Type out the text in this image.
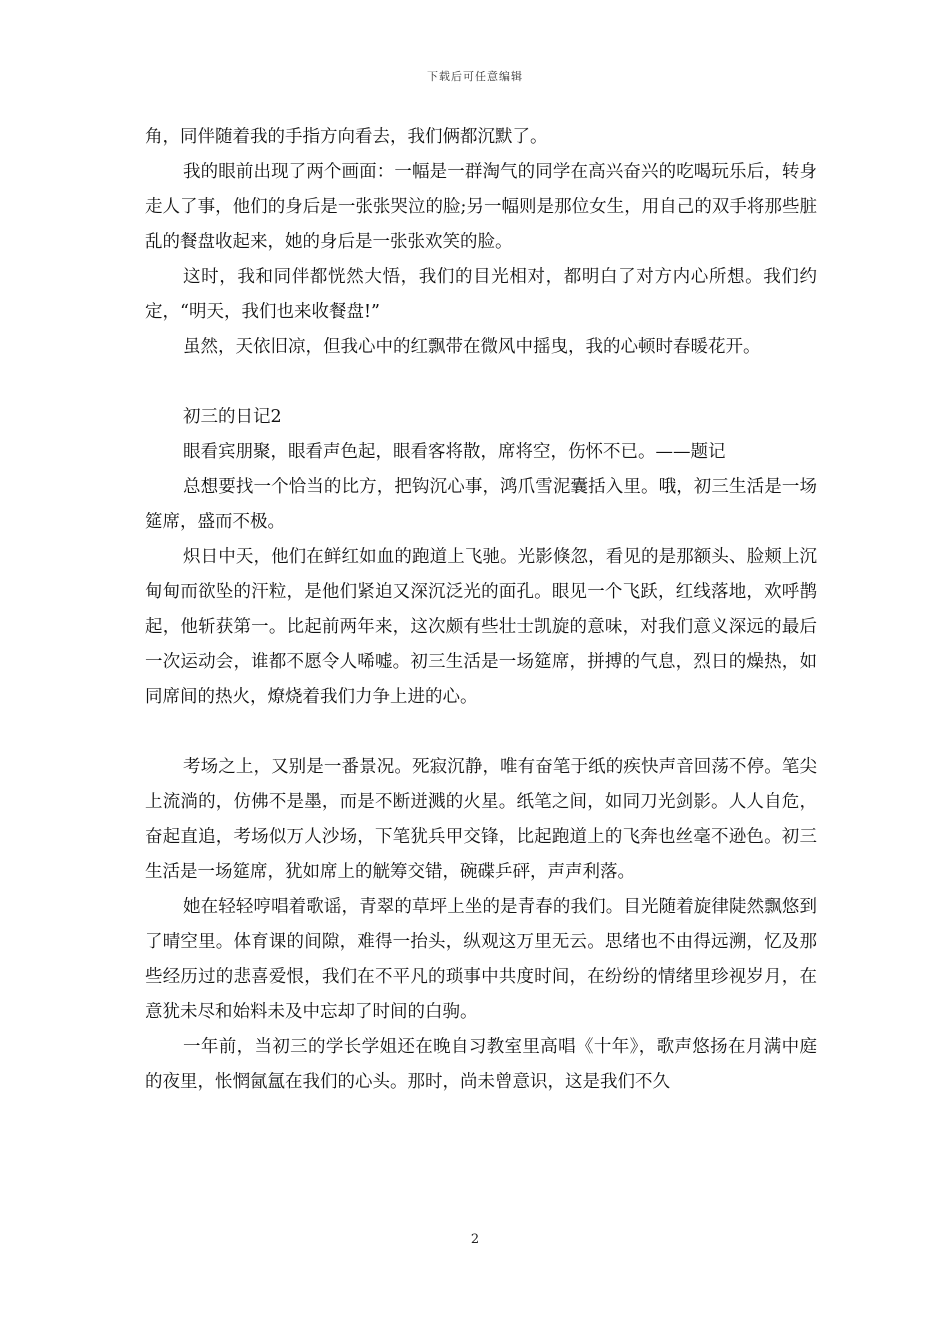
下载后可任意编辑

角，同伴随着我的手指方向看去，我们俩都沉默了。

我的眼前出现了两个画面：一幅是一群淘气的同学在高兴奋兴的吃喝玩乐后，转身走人了事，他们的身后是一张张哭泣的脸;另一幅则是那位女生，用自己的双手将那些脏乱的餐盘收起来，她的身后是一张张欢笑的脸。

这时，我和同伴都恍然大悟，我们的目光相对，都明白了对方内心所想。我们约定，“明天，我们也来收餐盘!”

虽然，天依旧凉，但我心中的红飘带在微风中摇曳，我的心顿时春暖花开。

初三的日记2

眼看宾朋聚，眼看声色起，眼看客将散，席将空，伤怀不已。——题记

总想要找一个恰当的比方，把钩沉心事，鸿爪雪泥囊括入里。哦，初三生活是一场筵席，盛而不极。

炽日中天，他们在鲜红如血的跑道上飞驰。光影倏忽，看见的是那额头、脸颊上沉甸甸而欲坠的汗粒，是他们紧迫又深沉泛光的面孔。眼见一个飞跃，红线落地，欢呼鹊起，他斩获第一。比起前两年来，这次颇有些壮士凯旋的意味，对我们意义深远的最后一次运动会，谁都不愿令人唏嘘。初三生活是一场筵席，拼搏的气息，烈日的燥热，如同席间的热火，燎烧着我们力争上进的心。

考场之上，又别是一番景况。死寂沉静，唯有奋笔于纸的疾快声音回荡不停。笔尖上流淌的，仿佛不是墨，而是不断迸溅的火星。纸笔之间，如同刀光剑影。人人自危，奋起直追，考场似万人沙场，下笔犹兵甲交锋，比起跑道上的飞奔也丝毫不逊色。初三生活是一场筵席，犹如席上的觥筹交错，碗碟乒砰，声声利落。

她在轻轻哼唱着歌谣，青翠的草坪上坐的是青春的我们。目光随着旋律陡然飘悠到了晴空里。体育课的间隙，难得一抬头，纵观这万里无云。思绪也不由得远溯，忆及那些经历过的悲喜爱恨，我们在不平凡的琐事中共度时间，在纷纷的情绪里珍视岁月，在意犹未尽和始料未及中忘却了时间的白驹。

一年前，当初三的学长学姐还在晚自习教室里高唱《十年》，歌声悠扬在月满中庭的夜里，怅惘氤氲在我们的心头。那时，尚未曾意识，这是我们不久

2
